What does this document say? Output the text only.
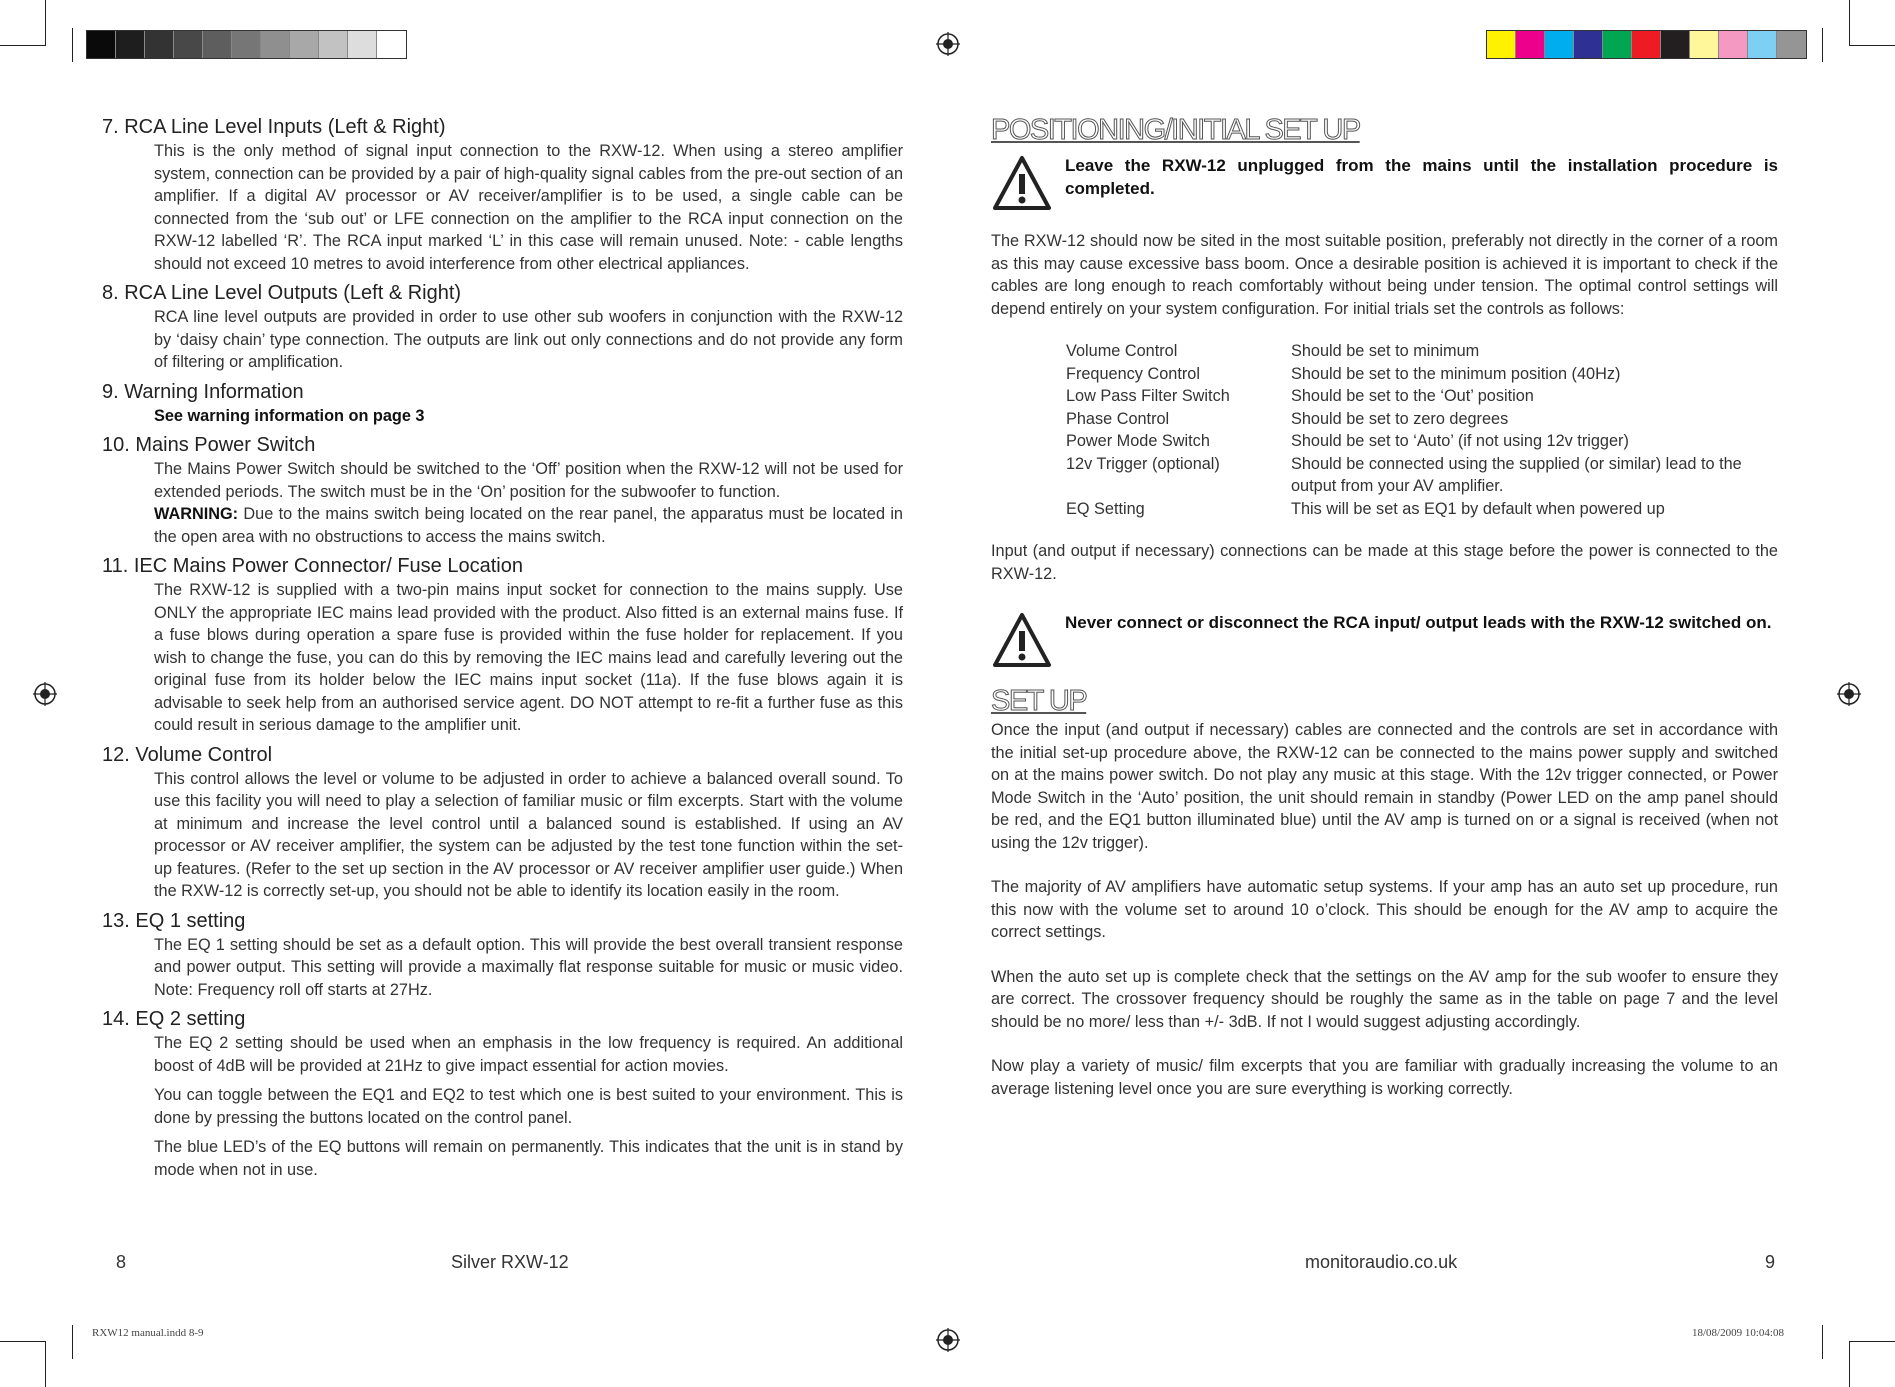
7. RCA Line Level Inputs (Left & Right)

This is the only method of signal input connection to the RXW-12. When using a stereo amplifier system, connection can be provided by a pair of high-quality signal cables from the pre-out section of an amplifier. If a digital AV processor or AV receiver/amplifier is to be used, a single cable can be connected from the ‘sub out’ or LFE connection on the amplifier to the RCA input connection on the RXW-12 labelled ‘R’. The RCA input marked ‘L’ in this case will remain unused. Note: - cable lengths should not exceed 10 metres to avoid interference from other electrical appliances.

8. RCA Line Level Outputs (Left & Right)

RCA line level outputs are provided in order to use other sub woofers in conjunction with the RXW-12 by ‘daisy chain’ type connection. The outputs are link out only connections and do not provide any form of filtering or amplification.

9. Warning Information

See warning information on page 3

10. Mains Power Switch

The Mains Power Switch should be switched to the ‘Off’ position when the RXW-12 will not be used for extended periods. The switch must be in the ‘On’ position for the subwoofer to function.

WARNING: Due to the mains switch being located on the rear panel, the apparatus must be located in the open area with no obstructions to access the mains switch.

11. IEC Mains Power Connector/ Fuse Location

The RXW-12 is supplied with a two-pin mains input socket for connection to the mains supply. Use ONLY the appropriate IEC mains lead provided with the product. Also fitted is an external mains fuse. If a fuse blows during operation a spare fuse is provided within the fuse holder for replacement. If you wish to change the fuse, you can do this by removing the IEC mains lead and carefully levering out the original fuse from its holder below the IEC mains input socket (11a). If the fuse blows again it is advisable to seek help from an authorised service agent. DO NOT attempt to re-fit a further fuse as this could result in serious damage to the amplifier unit.

12. Volume Control

This control allows the level or volume to be adjusted in order to achieve a balanced overall sound. To use this facility you will need to play a selection of familiar music or film excerpts. Start with the volume at minimum and increase the level control until a balanced sound is established. If using an AV processor or AV receiver amplifier, the system can be adjusted by the test tone function within the set-up features. (Refer to the set up section in the AV processor or AV receiver amplifier user guide.) When the RXW-12 is correctly set-up, you should not be able to identify its location easily in the room.

13. EQ 1 setting

The EQ 1 setting should be set as a default option. This will provide the best overall transient response and power output. This setting will provide a maximally flat response suitable for music or music video. Note: Frequency roll off starts at 27Hz.

14. EQ 2 setting

The EQ 2 setting should be used when an emphasis in the low frequency is required. An additional boost of 4dB will be provided at 21Hz to give impact essential for action movies.

You can toggle between the EQ1 and EQ2 to test which one is best suited to your environment. This is done by pressing the buttons located on the control panel.

The blue LED’s of the EQ buttons will remain on permanently. This indicates that the unit is in stand by mode when not in use.

POSITIONING/INITIAL SET UP
Leave the RXW-12 unplugged from the mains until the installation procedure is completed.

The RXW-12 should now be sited in the most suitable position, preferably not directly in the corner of a room as this may cause excessive bass boom. Once a desirable position is achieved it is important to check if the cables are long enough to reach comfortably without being under tension. The optimal control settings will depend entirely on your system configuration. For initial trials set the controls as follows:

Volume Control	Should be set to minimum
Frequency Control	Should be set to the minimum position (40Hz)
Low Pass Filter Switch	Should be set to the ‘Out’ position
Phase Control	Should be set to zero degrees
Power Mode Switch	Should be set to ‘Auto’ (if not using 12v trigger)
12v Trigger (optional)	Should be connected using the supplied (or similar) lead to the output from your AV amplifier.
EQ Setting	This will be set as EQ1 by default when powered up

Input (and output if necessary) connections can be made at this stage before the power is connected to the RXW-12.

Never connect or disconnect the RCA input/ output leads with the RXW-12 switched on.
SET UP

Once the input (and output if necessary) cables are connected and the controls are set in accordance with the initial set-up procedure above, the RXW-12 can be connected to the mains power supply and switched on at the mains power switch. Do not play any music at this stage. With the 12v trigger connected, or Power Mode Switch in the ‘Auto’ position, the unit should remain in standby (Power LED on the amp panel should be red, and the EQ1 button illuminated blue) until the AV amp is turned on or a signal is received (when not using the 12v trigger).

The majority of AV amplifiers have automatic setup systems. If your amp has an auto set up procedure, run this now with the volume set to around 10 o’clock. This should be enough for the AV amp to acquire the correct settings.

When the auto set up is complete check that the settings on the AV amp for the sub woofer to ensure they are correct. The crossover frequency should be roughly the same as in the table on page 7 and the level should be no more/ less than +/- 3dB. If not I would suggest adjusting accordingly.

Now play a variety of music/ film excerpts that you are familiar with gradually increasing the volume to an average listening level once you are sure everything is working correctly.

8	Silver RXW-12	monitoraudio.co.uk	9
RXW12 manual.indd 8-9	18/08/2009 10:04:08
